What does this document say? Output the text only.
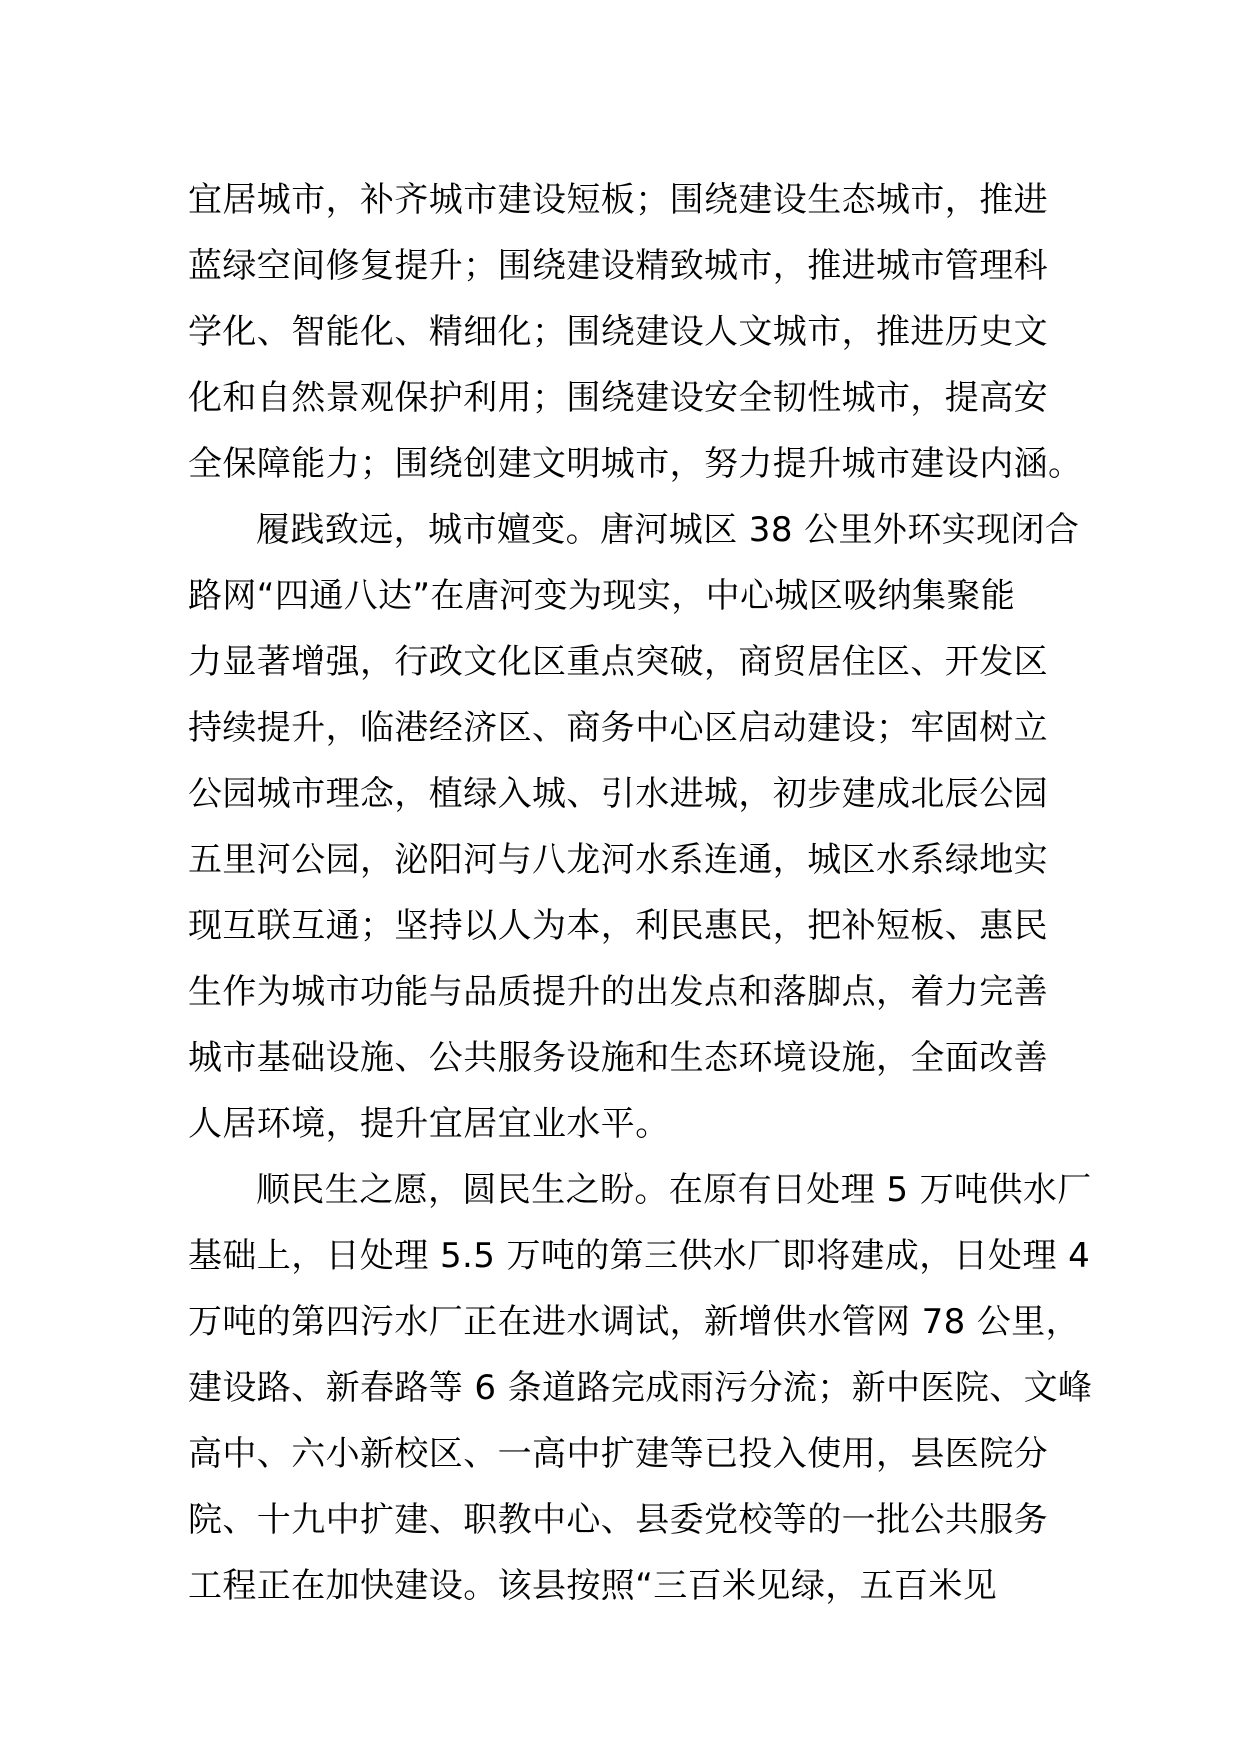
宜居城市，补齐城市建设短板；围绕建设生态城市，推进
蓝绿空间修复提升；围绕建设精致城市，推进城市管理科
学化、智能化、精细化；围绕建设人文城市，推进历史文
化和自然景观保护利用；围绕建设安全韧性城市，提高安
全保障能力；围绕创建文明城市，努力提升城市建设内涵。
履践致远，城市嬗变。唐河城区 38 公里外环实现闭合
路网“四通八达”在唐河变为现实，中心城区吸纳集聚能
力显著增强，行政文化区重点突破，商贸居住区、开发区
持续提升，临港经济区、商务中心区启动建设；牢固树立
公园城市理念，植绿入城、引水进城，初步建成北辰公园
五里河公园，泌阳河与八龙河水系连通，城区水系绿地实
现互联互通；坚持以人为本，利民惠民，把补短板、惠民
生作为城市功能与品质提升的出发点和落脚点，着力完善
城市基础设施、公共服务设施和生态环境设施，全面改善
人居环境，提升宜居宜业水平。
顺民生之愿，圆民生之盼。在原有日处理 5 万吨供水厂
基础上，日处理 5.5 万吨的第三供水厂即将建成，日处理 4
万吨的第四污水厂正在进水调试，新增供水管网 78 公里，
建设路、新春路等 6 条道路完成雨污分流；新中医院、文峰
高中、六小新校区、一高中扩建等已投入使用，县医院分
院、十九中扩建、职教中心、县委党校等的一批公共服务
工程正在加快建设。该县按照“三百米见绿，五百米见
